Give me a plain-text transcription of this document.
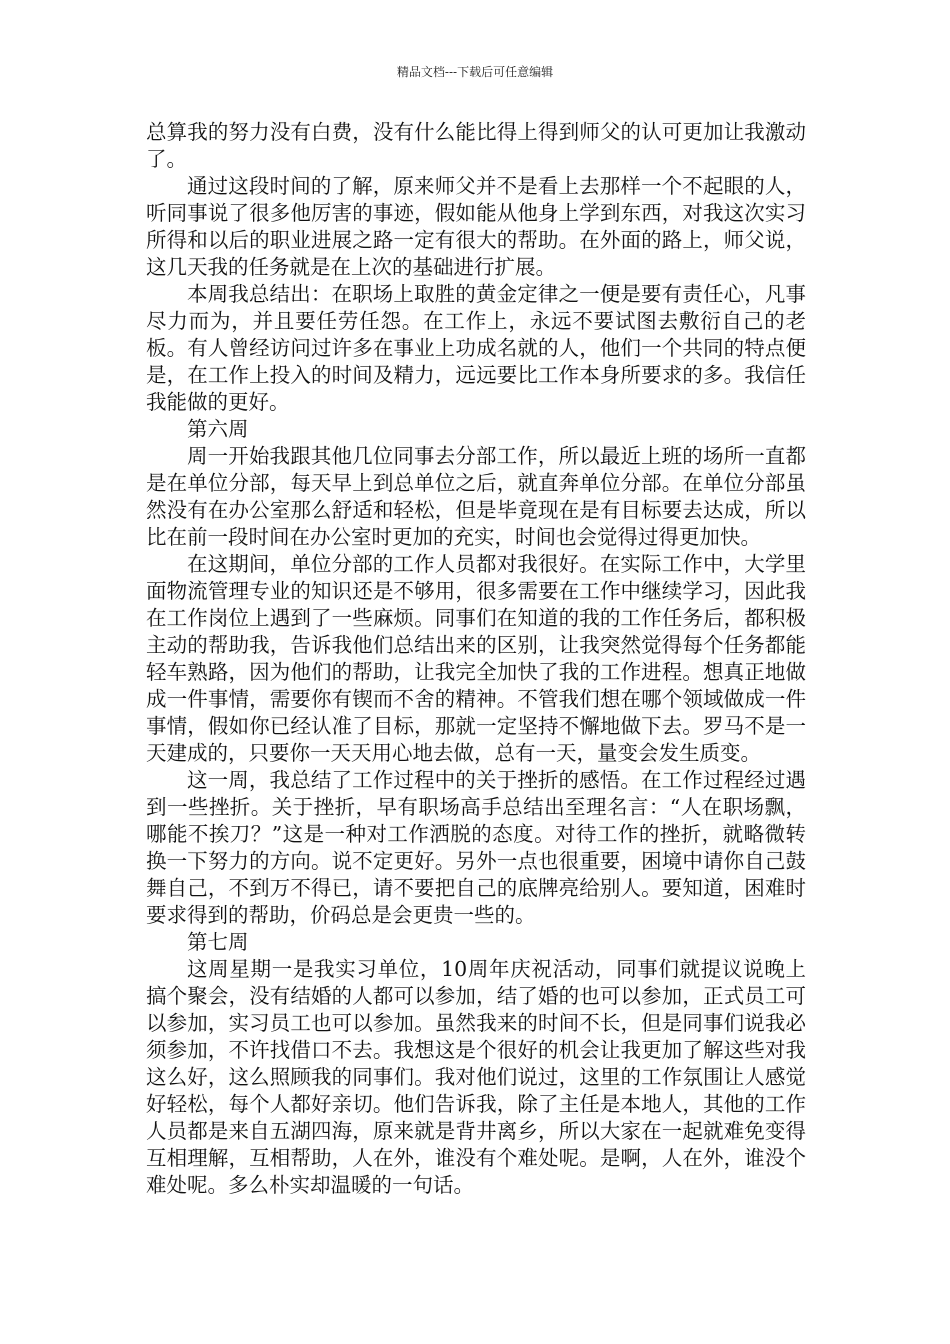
精品文档---下载后可任意编辑

总算我的努力没有白费，没有什么能比得上得到师父的认可更加让我激动了。

通过这段时间的了解，原来师父并不是看上去那样一个不起眼的人，听同事说了很多他厉害的事迹，假如能从他身上学到东西，对我这次实习所得和以后的职业进展之路一定有很大的帮助。在外面的路上，师父说，这几天我的任务就是在上次的基础进行扩展。

本周我总结出：在职场上取胜的黄金定律之一便是要有责任心，凡事尽力而为，并且要任劳任怨。在工作上，永远不要试图去敷衍自己的老板。有人曾经访问过许多在事业上功成名就的人，他们一个共同的特点便是，在工作上投入的时间及精力，远远要比工作本身所要求的多。我信任我能做的更好。

第六周

周一开始我跟其他几位同事去分部工作，所以最近上班的场所一直都是在单位分部，每天早上到总单位之后，就直奔单位分部。在单位分部虽然没有在办公室那么舒适和轻松，但是毕竟现在是有目标要去达成，所以比在前一段时间在办公室时更加的充实，时间也会觉得过得更加快。

在这期间，单位分部的工作人员都对我很好。在实际工作中，大学里面物流管理专业的知识还是不够用，很多需要在工作中继续学习，因此我在工作岗位上遇到了一些麻烦。同事们在知道的我的工作任务后，都积极主动的帮助我，告诉我他们总结出来的区别，让我突然觉得每个任务都能轻车熟路，因为他们的帮助，让我完全加快了我的工作进程。想真正地做成一件事情，需要你有锲而不舍的精神。不管我们想在哪个领域做成一件事情，假如你已经认准了目标，那就一定坚持不懈地做下去。罗马不是一天建成的，只要你一天天用心地去做，总有一天，量变会发生质变。

这一周，我总结了工作过程中的关于挫折的感悟。在工作过程经过遇到一些挫折。关于挫折，早有职场高手总结出至理名言：“人在职场飘，哪能不挨刀？”这是一种对工作洒脱的态度。对待工作的挫折，就略微转换一下努力的方向。说不定更好。另外一点也很重要，困境中请你自己鼓舞自己，不到万不得已，请不要把自己的底牌亮给别人。要知道，困难时要求得到的帮助，价码总是会更贵一些的。

第七周

这周星期一是我实习单位，10周年庆祝活动，同事们就提议说晚上搞个聚会，没有结婚的人都可以参加，结了婚的也可以参加，正式员工可以参加，实习员工也可以参加。虽然我来的时间不长，但是同事们说我必须参加，不许找借口不去。我想这是个很好的机会让我更加了解这些对我这么好，这么照顾我的同事们。我对他们说过，这里的工作氛围让人感觉好轻松，每个人都好亲切。他们告诉我，除了主任是本地人，其他的工作人员都是来自五湖四海，原来就是背井离乡，所以大家在一起就难免变得互相理解，互相帮助，人在外，谁没有个难处呢。是啊，人在外，谁没个难处呢。多么朴实却温暖的一句话。
